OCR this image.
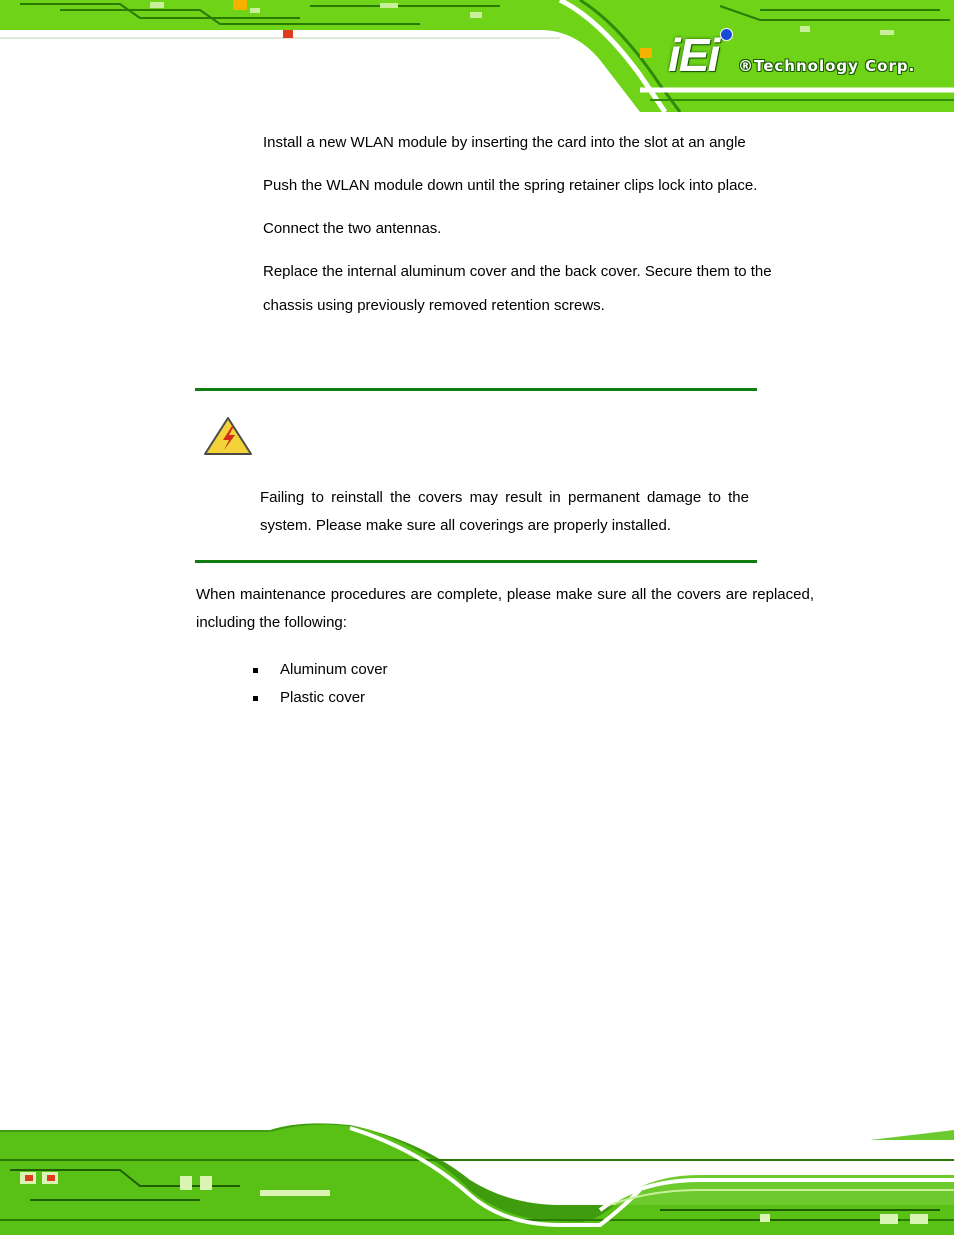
iEi ®Technology Corp.

Install a new WLAN module by inserting the card into the slot at an angle

Push the WLAN module down until the spring retainer clips lock into place.

Connect the two antennas.

Replace the internal aluminum cover and the back cover. Secure them to the chassis using previously removed retention screws.

Failing to reinstall the covers may result in permanent damage to the system. Please make sure all coverings are properly installed.

When maintenance procedures are complete, please make sure all the covers are replaced, including the following:

Aluminum cover
Plastic cover
